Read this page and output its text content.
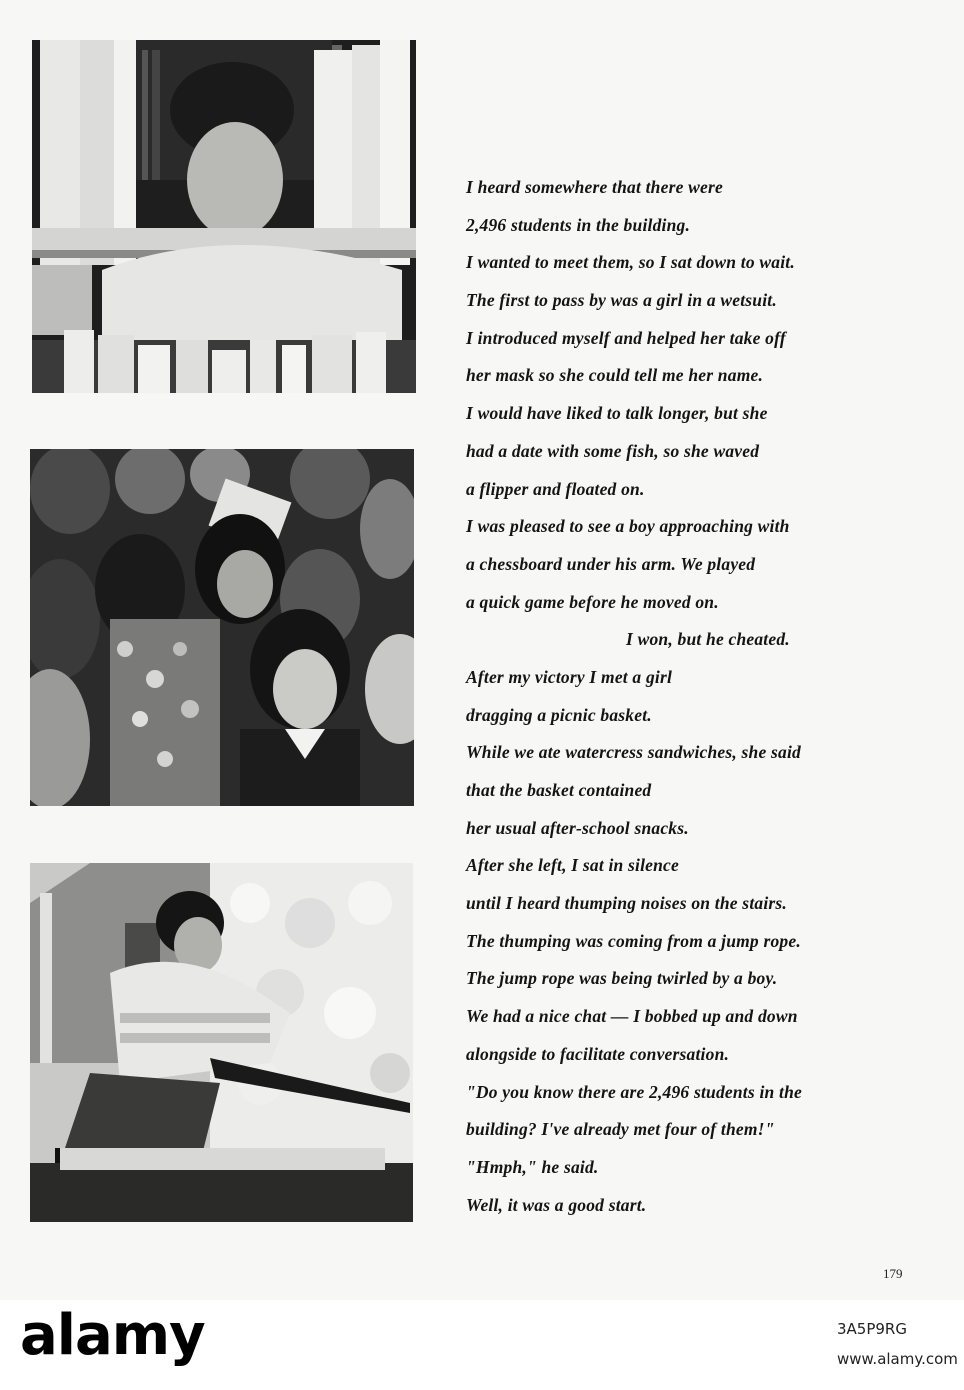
I heard somewhere that there were
2,496 students in the building.
I wanted to meet them, so I sat down to wait.
The first to pass by was a girl in a wetsuit.
I introduced myself and helped her take off
her mask so she could tell me her name.
I would have liked to talk longer, but she
had a date with some fish, so she waved
a flipper and floated on.
I was pleased to see a boy approaching with
a chessboard under his arm. We played
a quick game before he moved on.
I won, but he cheated.
After my victory I met a girl
dragging a picnic basket.
While we ate watercress sandwiches, she said
that the basket contained
her usual after-school snacks.
After she left, I sat in silence
until I heard thumping noises on the stairs.
The thumping was coming from a jump rope.
The jump rope was being twirled by a boy.
We had a nice chat — I bobbed up and down
alongside to facilitate conversation.
"Do you know there are 2,496 students in the
building? I've already met four of them!"
"Hmph," he said.
Well, it was a good start.
179
alamy	3A5P9RG
www.alamy.com
